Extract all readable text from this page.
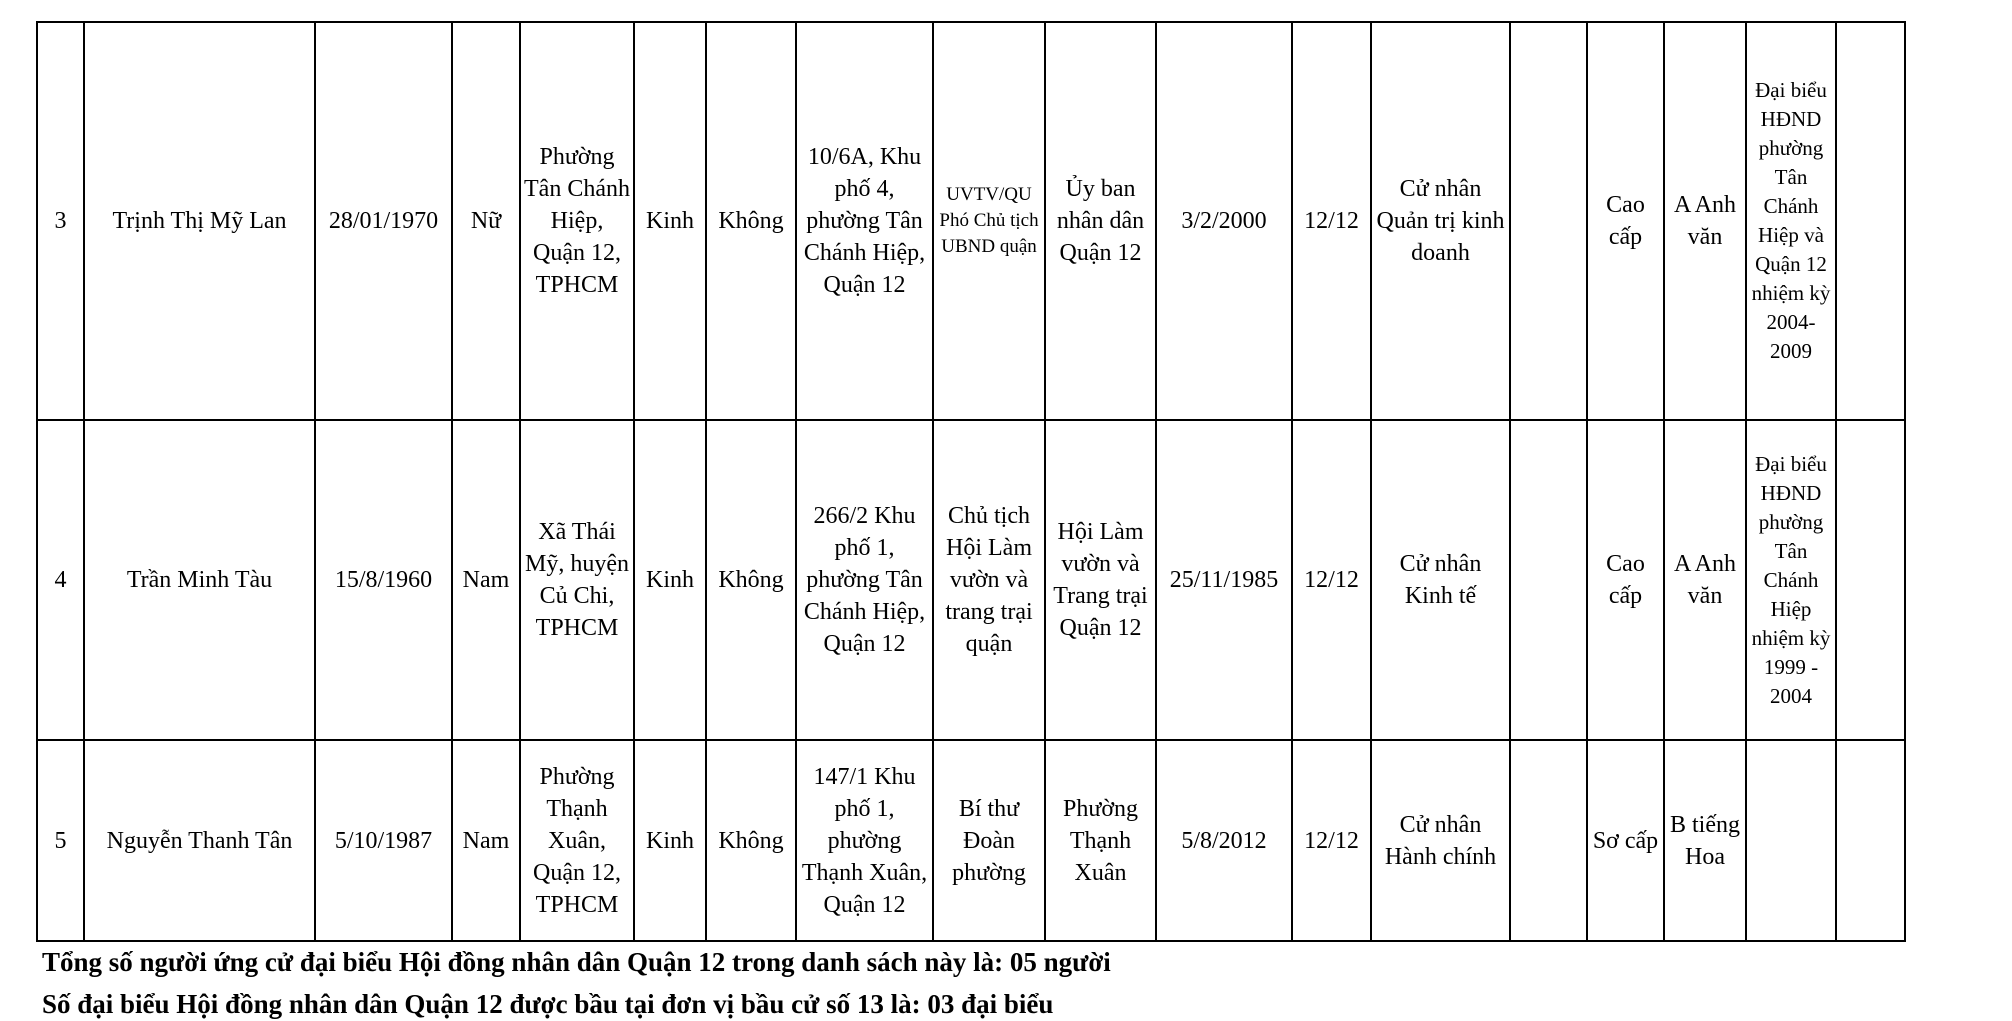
3	Trịnh Thị Mỹ Lan	28/01/1970	Nữ	Phường Tân Chánh Hiệp, Quận 12, TPHCM	Kinh	Không	10/6A, Khu phố 4, phường Tân Chánh Hiệp, Quận 12	UVTV/QU Phó Chủ tịch UBND quận	Ủy ban nhân dân Quận 12	3/2/2000	12/12	Cử nhân Quản trị kinh doanh		Cao cấp	A Anh văn	Đại biểu HĐND phường Tân Chánh Hiệp và Quận 12 nhiệm kỳ 2004-2009	

4	Trần Minh Tàu	15/8/1960	Nam	Xã Thái Mỹ, huyện Củ Chi, TPHCM	Kinh	Không	266/2 Khu phố 1, phường Tân Chánh Hiệp, Quận 12	Chủ tịch Hội Làm vườn và trang trại quận	Hội Làm vườn và Trang trại Quận 12	25/11/1985	12/12	Cử nhân Kinh tế		Cao cấp	A Anh văn	Đại biểu HĐND phường Tân Chánh Hiệp nhiệm kỳ 1999 - 2004	

5	Nguyễn Thanh Tân	5/10/1987	Nam	Phường Thạnh Xuân, Quận 12, TPHCM	Kinh	Không	147/1 Khu phố 1, phường Thạnh Xuân, Quận 12	Bí thư Đoàn phường	Phường Thạnh Xuân	5/8/2012	12/12	Cử nhân Hành chính		Sơ cấp	B tiếng Hoa		

Tổng số người ứng cử đại biểu Hội đồng nhân dân Quận 12 trong danh sách này là: 05 người
Số đại biểu Hội đồng nhân dân Quận 12 được bầu tại đơn vị bầu cử số 13 là: 03 đại biểu
